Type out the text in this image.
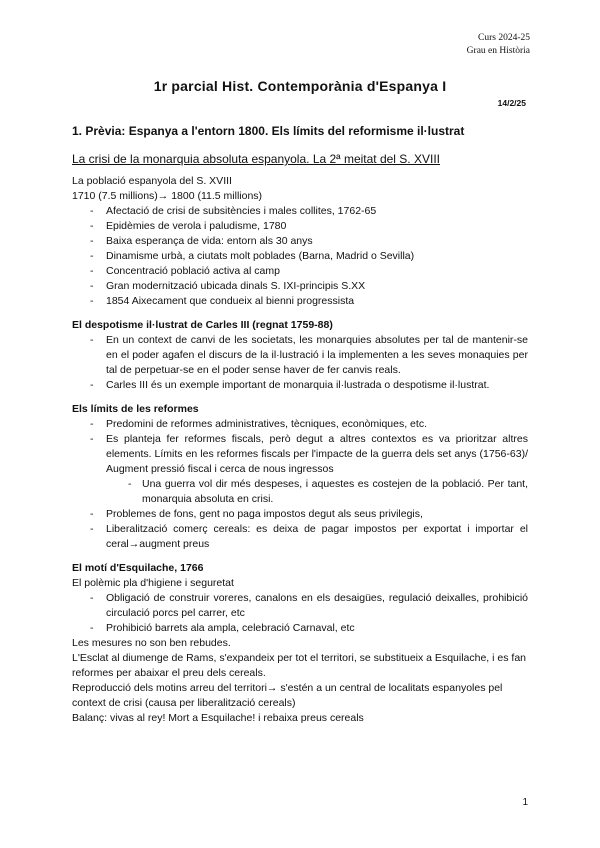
Curs 2024-25
Grau en Història
1r parcial Hist. Contemporània d'Espanya I
14/2/25
1. Prèvia: Espanya a l'entorn 1800. Els límits del reformisme il·lustrat
La crisi de la monarquia absoluta espanyola. La 2ª meitat del S. XVIII

La població espanyola del S. XVIII

1710 (7.5 millions)→ 1800 (11.5 millions)

- Afectació de crisi de subsitències i males collites, 1762-65
- Epidèmies de verola i paludisme, 1780
- Baixa esperança de vida: entorn als 30 anys
- Dinamisme urbà, a ciutats molt poblades (Barna, Madrid o Sevilla)
- Concentració població activa al camp
- Gran modernització ubicada dinals S. IXI-principis S.XX
- 1854 Aixecament que condueix al bienni progressista
El despotisme il·lustrat de Carles III (regnat 1759-88)
- En un context de canvi de les societats, les monarquies absolutes per tal de mantenir-se en el poder agafen el discurs de la il·lustració i la implementen a les seves monaquies per tal de perpetuar-se en el poder sense haver de fer canvis reals.
- Carles III és un exemple important de monarquia il·lustrada o despotisme il·lustrat.
Els límits de les reformes
- Predomini de reformes administratives, tècniques, econòmiques, etc.
- Es planteja fer reformes fiscals, però degut a altres contextos es va prioritzar altres elements. Límits en les reformes fiscals per l'impacte de la guerra dels set anys (1756-63)/ Augment pressió fiscal i cerca de nous ingressos
- Una guerra vol dir més despeses, i aquestes es costejen de la població. Per tant, monarquia absoluta en crisi.
- Problemes de fons, gent no paga impostos degut als seus privilegis,
- Liberalització comerç cereals: es deixa de pagar impostos per exportat i importar el ceral→augment preus
El motí d'Esquilache, 1766

El polèmic pla d'higiene i seguretat

- Obligació de construir voreres, canalons en els desaigües, regulació deixalles, prohibició circulació porcs pel carrer, etc
- Prohibició barrets ala ampla, celebració Carnaval, etc

Les mesures no son ben rebudes.

L'Esclat al diumenge de Rams, s'expandeix per tot el territori, se substitueix a Esquilache, i es fan reformes per abaixar el preu dels cereals.

Reproducció dels motins arreu del territori→ s'estén a un central de localitats espanyoles pel context de crisi (causa per liberalització cereals)

Balanç: vivas al rey! Mort a Esquilache! i rebaixa preus cereals

1
